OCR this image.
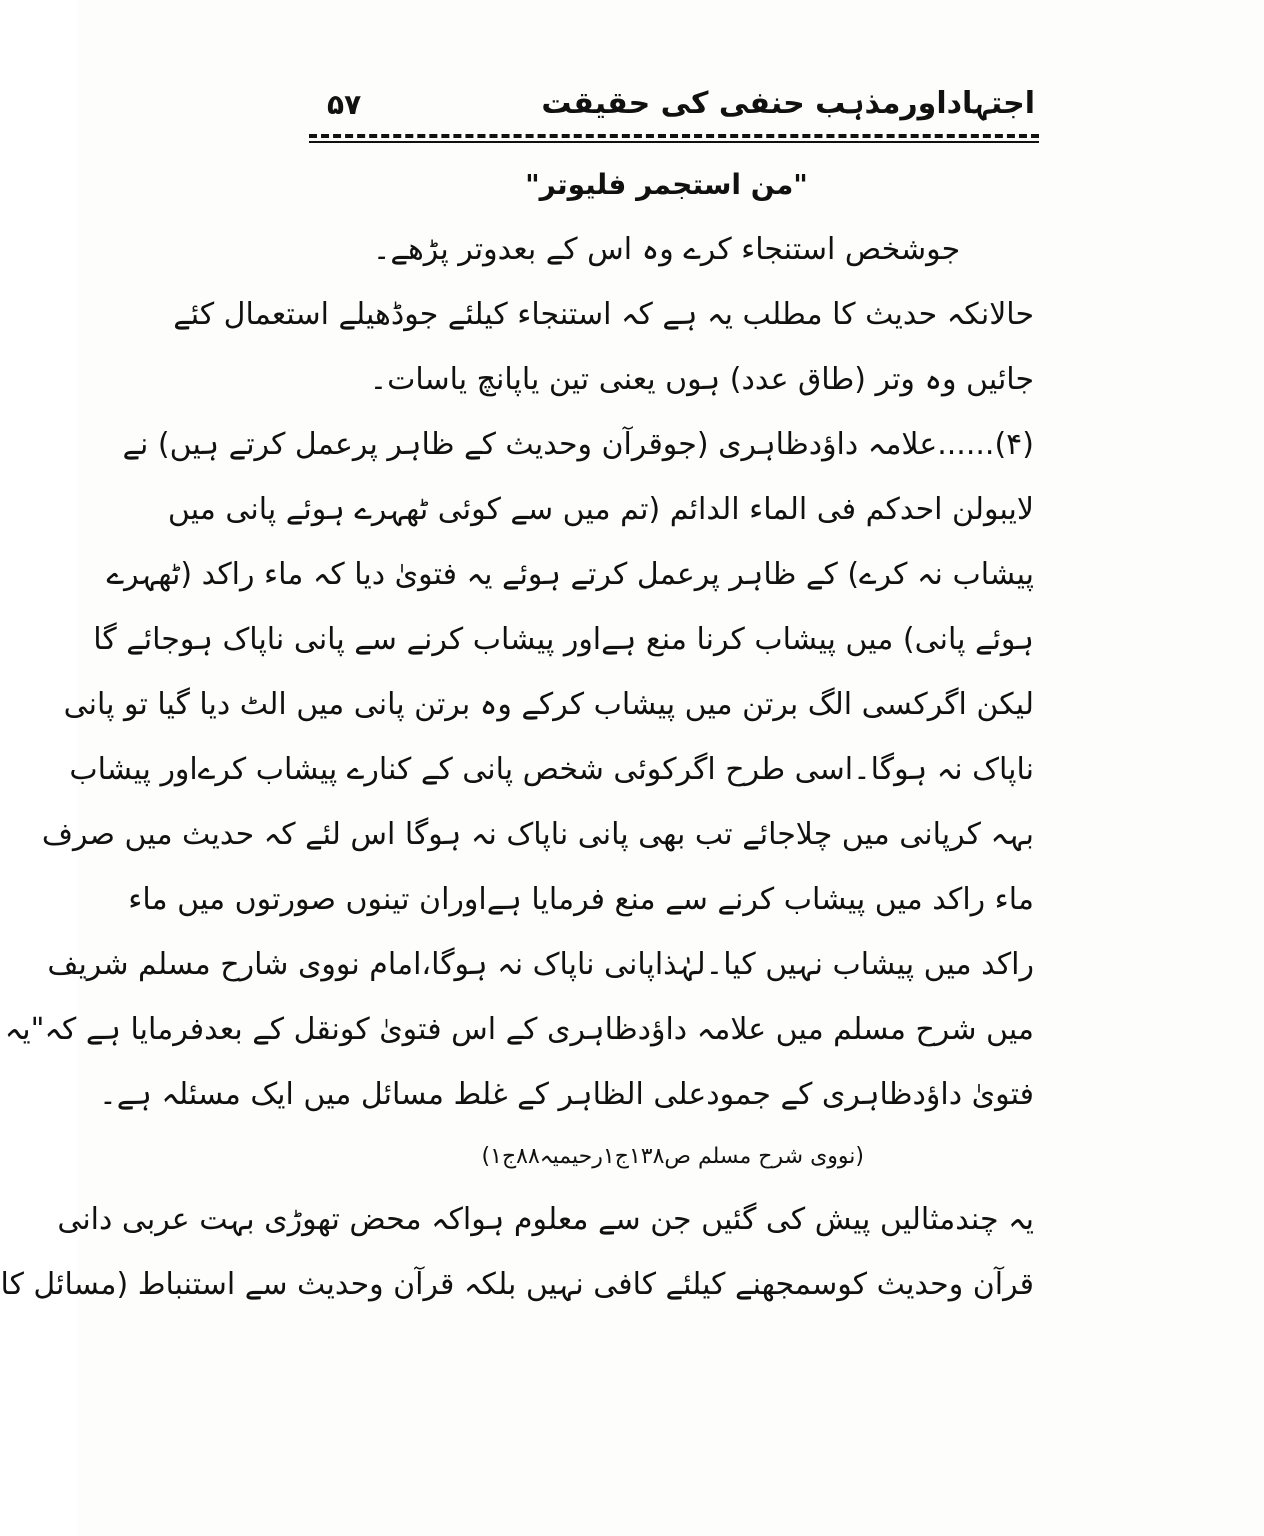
۵۷	اجتہاداورمذہب حنفی کی حقیقت
"من استجمر فليوتر"
جوشخص استنجاء کرے وہ اس کے بعدوتر پڑھے۔
حالانکہ حدیث کا مطلب یہ ہے کہ استنجاء کیلئے جوڈھیلے استعمال کئے
جائیں وہ وتر (طاق عدد) ہوں یعنی تین یاپانچ یاسات۔
(۴)......علامہ داؤدظاہری (جوقرآن وحدیث کے ظاہر پرعمل کرتے ہیں) نے
لايبولن احدكم فى الماء الدائم (تم میں سے کوئی ٹھہرے ہوئے پانی میں
پیشاب نہ کرے) کے ظاہر پرعمل کرتے ہوئے یہ فتویٰ دیا کہ ماء راکد (ٹھہرے
ہوئے پانی) میں پیشاب کرنا منع ہےاور پیشاب کرنے سے پانی ناپاک ہوجائے گا
لیکن اگرکسی الگ برتن میں پیشاب کرکے وہ برتن پانی میں الٹ دیا گیا تو پانی
ناپاک نہ ہوگا۔اسی طرح اگرکوئی شخص پانی کے کنارے پیشاب کرےاور پیشاب
بہہ کرپانی میں چلاجائے تب بھی پانی ناپاک نہ ہوگا اس لئے کہ حدیث میں صرف
ماء راکد میں پیشاب کرنے سے منع فرمایا ہےاوران تینوں صورتوں میں ماء
راکد میں پیشاب نہیں کیا۔لہٰذاپانی ناپاک نہ ہوگا،امام نووی شارح مسلم شریف
میں شرح مسلم میں علامہ داؤدظاہری کے اس فتویٰ کونقل کے بعدفرمایا ہے کہ"یہ
فتویٰ داؤدظاہری کے جمودعلی الظاہر کے غلط مسائل میں ایک مسئلہ ہے۔
(نووی شرح مسلم ص۱۳۸ج۱رحیمیہ۸۸ج۱)
یہ چندمثالیں پیش کی گئیں جن سے معلوم ہواکہ محض تھوڑی بہت عربی دانی
قرآن وحدیث کوسمجھنے کیلئے کافی نہیں بلکہ قرآن وحدیث سے استنباط (مسائل کا
